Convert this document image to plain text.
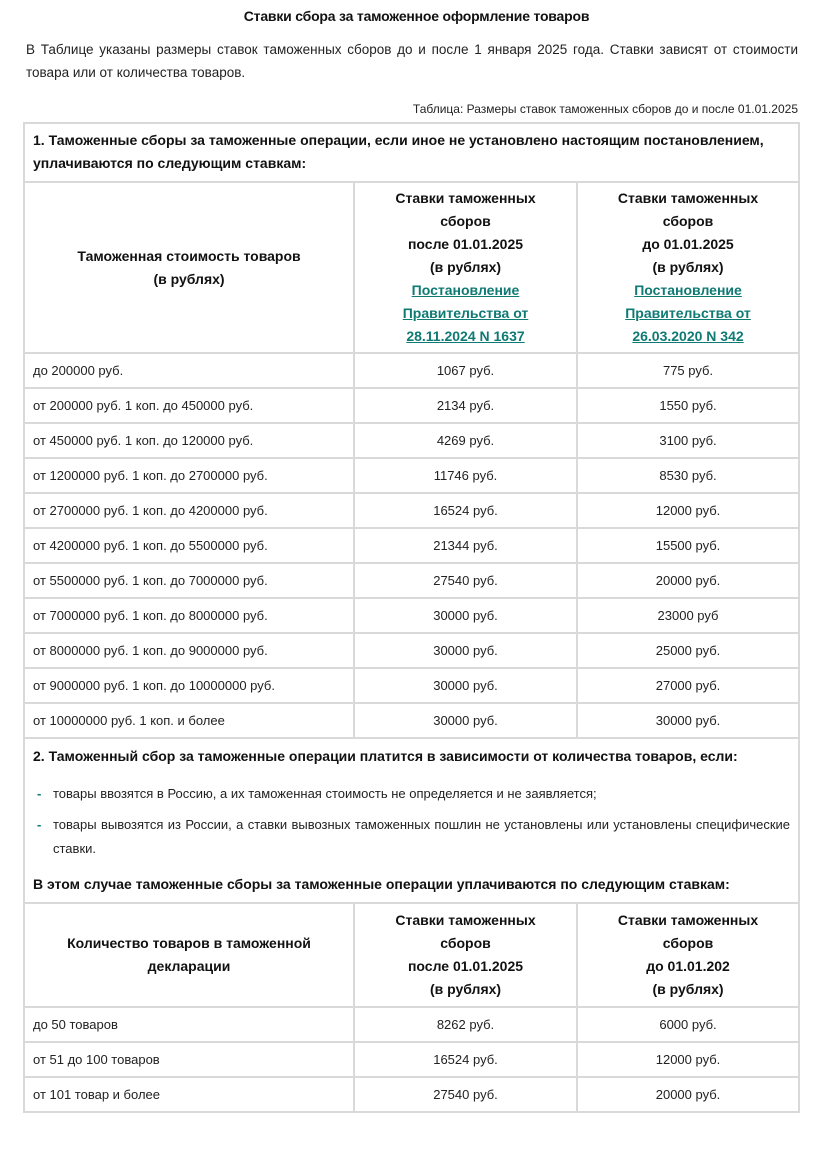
Ставки сбора за таможенное оформление товаров
В Таблице указаны размеры ставок таможенных сборов до и после 1 января 2025 года. Ставки зависят от стоимости товара или от количества товаров.
Таблица: Размеры ставок таможенных сборов до и после 01.01.2025
1. Таможенные сборы за таможенные операции, если иное не установлено настоящим постановлением, уплачиваются по следующим ставкам:		

Таможенная стоимость товаров
(в рублях)

Ставки таможенных
сборов
после 01.01.2025
(в рублях)
Постановление
Правительства от
28.11.2024 N 1637

Ставки таможенных
сборов
до 01.01.2025
(в рублях)
Постановление
Правительства от
26.03.2020 N 342

до 200000 руб.	1067 руб.	775 руб.
от 200000 руб. 1 коп. до 450000 руб.	2134 руб.	1550 руб.
от 450000 руб. 1 коп. до 120000 руб.	4269 руб.	3100 руб.
от 1200000 руб. 1 коп. до 2700000 руб.	11746 руб.	8530 руб.
от 2700000 руб. 1 коп. до 4200000 руб.	16524 руб.	12000 руб.
от 4200000 руб. 1 коп. до 5500000 руб.	21344 руб.	15500 руб.
от 5500000 руб. 1 коп. до 7000000 руб.	27540 руб.	20000 руб.
от 7000000 руб. 1 коп. до 8000000 руб.	30000 руб.	23000 руб
от 8000000 руб. 1 коп. до 9000000 руб.	30000 руб.	25000 руб.
от 9000000 руб. 1 коп. до 10000000 руб.	30000 руб.	27000 руб.
от 10000000 руб. 1 коп. и более	30000 руб.	30000 руб.

2. Таможенный сбор за таможенные операции платится в зависимости от количества товаров, если:
- товары ввозятся в Россию, а их таможенная стоимость не определяется и не заявляется;
- товары вывозятся из России, а ставки вывозных таможенных пошлин не установлены или установлены специфические ставки.
В этом случае таможенные сборы за таможенные операции уплачиваются по следующим ставкам:

Количество товаров в таможенной
декларации

Ставки таможенных
сборов
после 01.01.2025
(в рублях)

Ставки таможенных
сборов
до 01.01.202
(в рублях)

до 50 товаров	8262 руб.	6000 руб.
от 51 до 100 товаров	16524 руб.	12000 руб.
от 101 товар и более	27540 руб.	20000 руб.
